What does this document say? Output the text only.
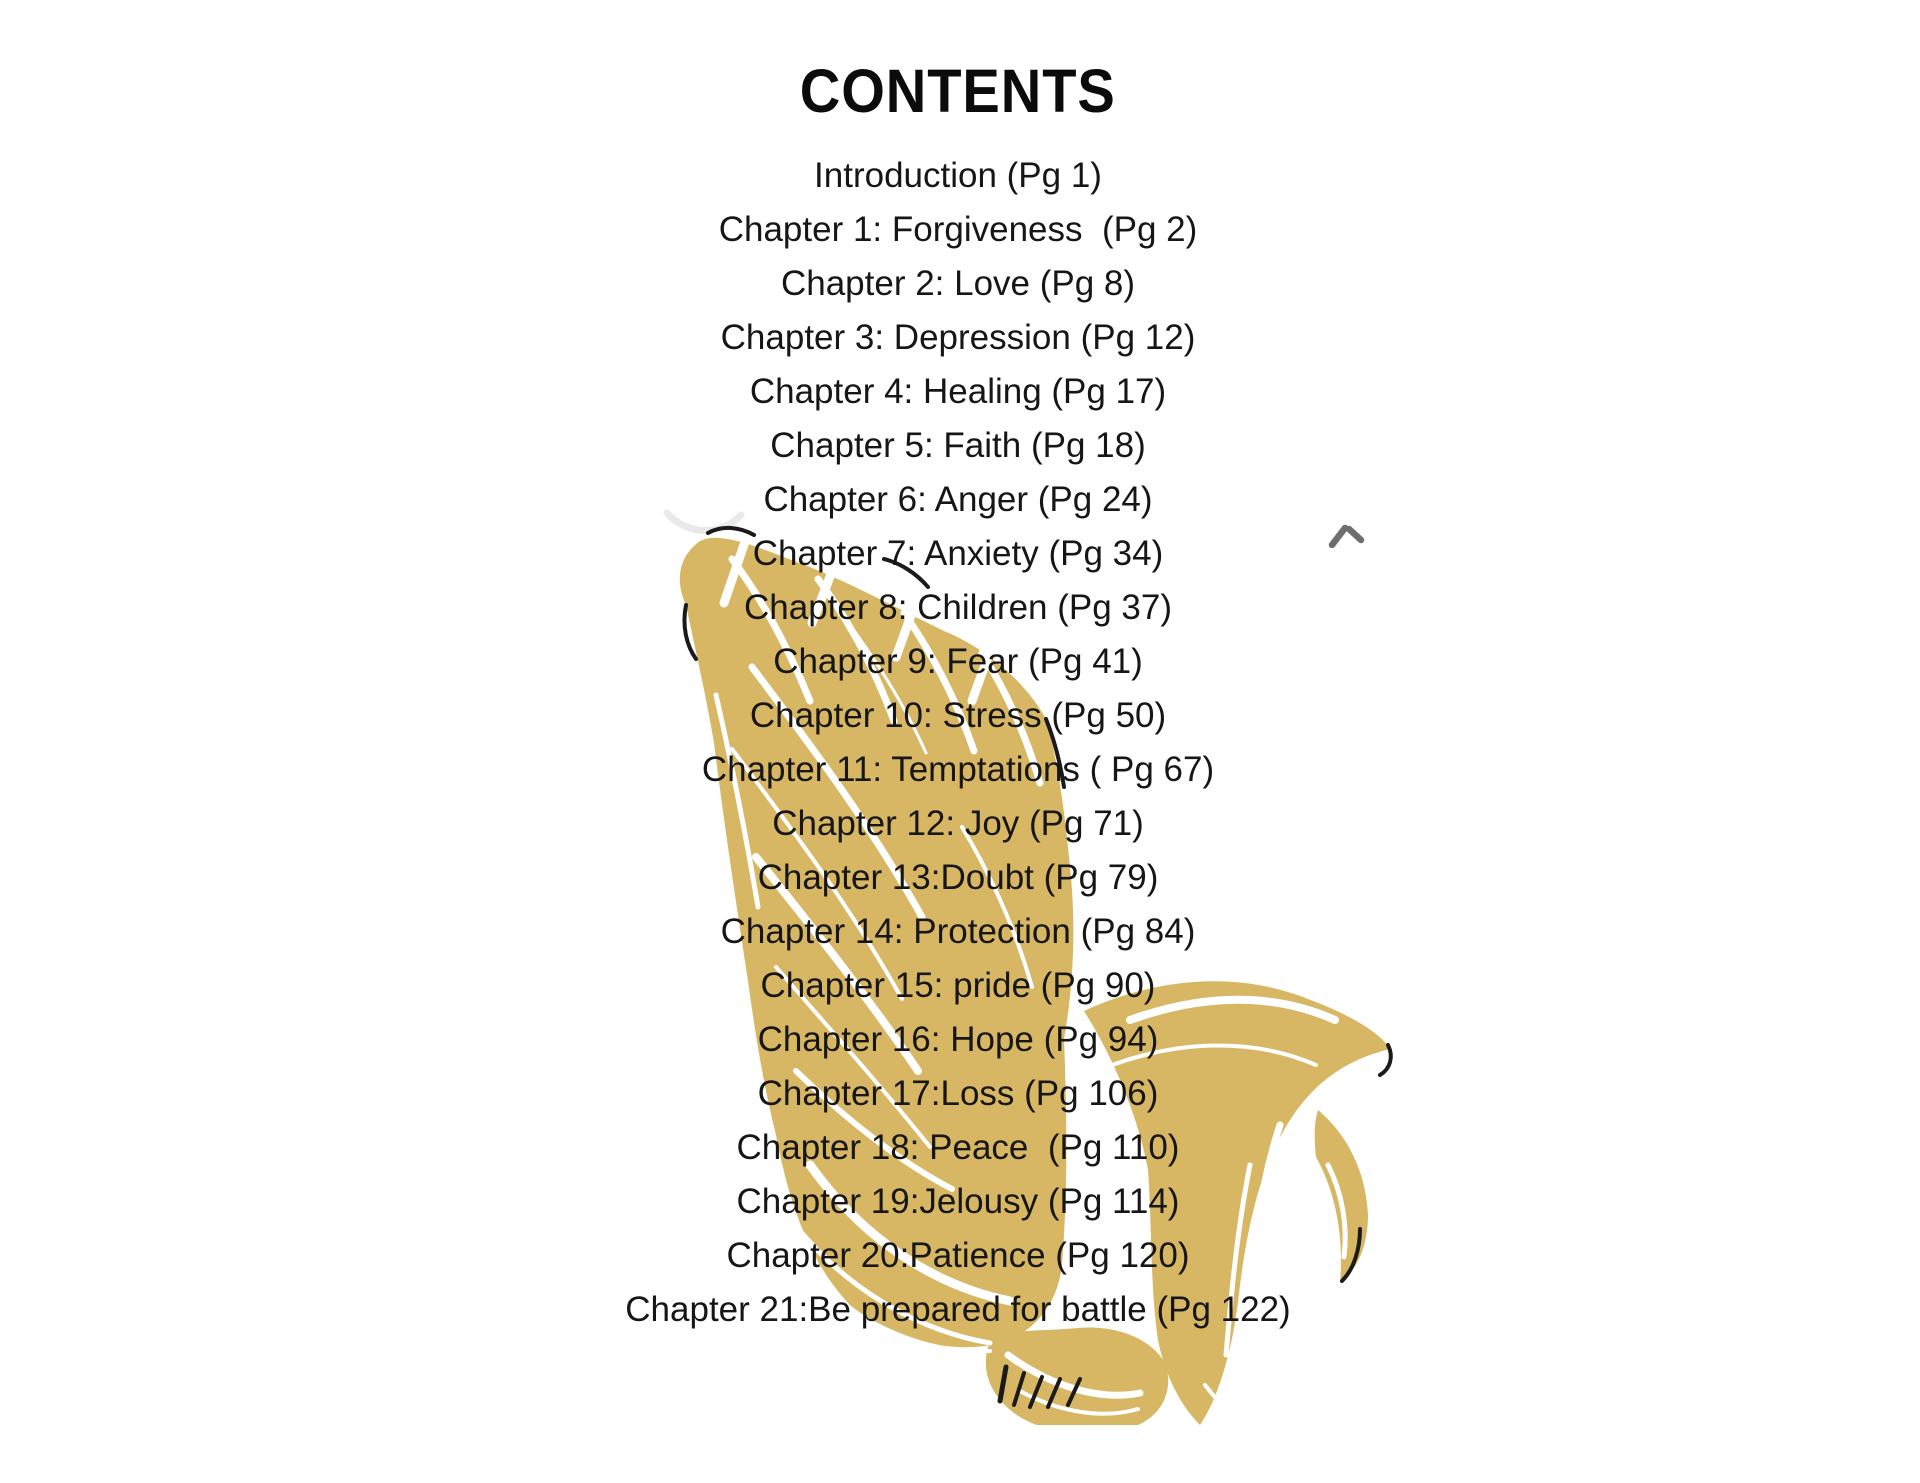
CONTENTS
Introduction (Pg 1)
Chapter 1: Forgiveness  (Pg 2)
Chapter 2: Love (Pg 8)
Chapter 3: Depression (Pg 12)
Chapter 4: Healing (Pg 17)
Chapter 5: Faith (Pg 18)
Chapter 6: Anger (Pg 24)
Chapter 7: Anxiety (Pg 34)
Chapter 8: Children (Pg 37)
Chapter 9: Fear (Pg 41)
Chapter 10: Stress (Pg 50)
Chapter 11: Temptations ( Pg 67)
Chapter 12: Joy (Pg 71)
Chapter 13:Doubt (Pg 79)
Chapter 14: Protection (Pg 84)
Chapter 15: pride (Pg 90)
Chapter 16: Hope (Pg 94)
Chapter 17:Loss (Pg 106)
Chapter 18: Peace  (Pg 110)
Chapter 19:Jelousy (Pg 114)
Chapter 20:Patience (Pg 120)
Chapter 21:Be prepared for battle (Pg 122)
